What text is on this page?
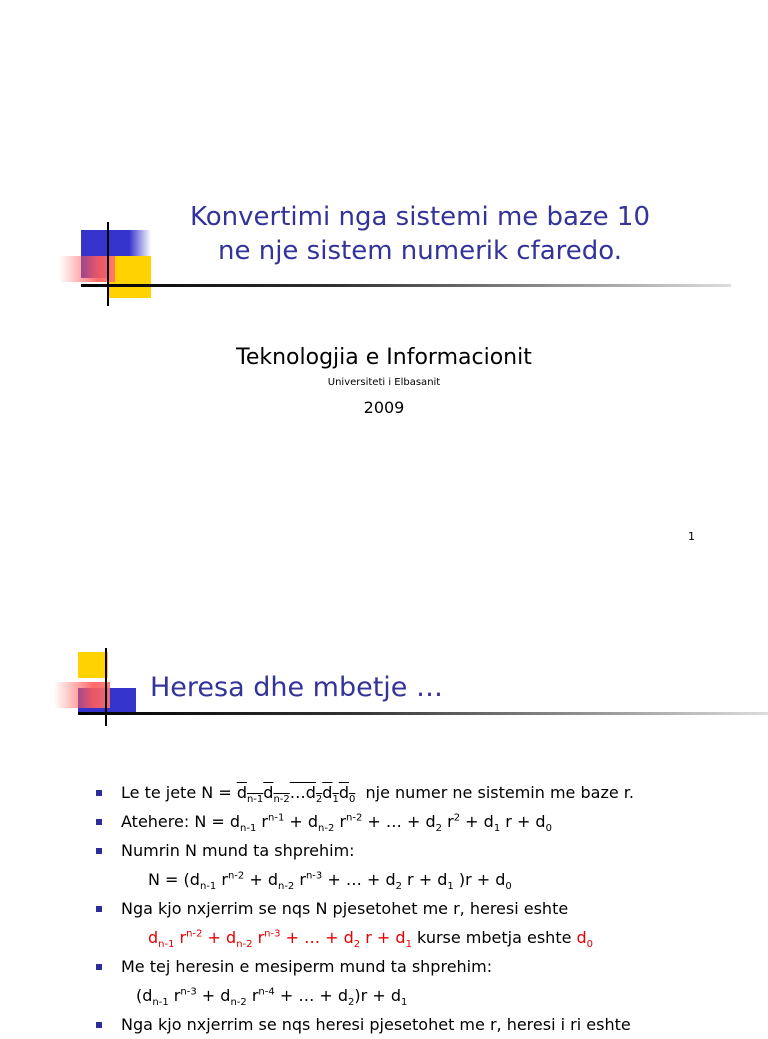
Konvertimi nga sistemi me baze 10
ne nje sistem numerik cfaredo.
Teknologjia e Informacionit
Universiteti i Elbasanit
2009
1
Heresa dhe mbetje …
Le te jete $N = d_{n-1}d_{n-2}\dots d_2d_1d_0$  nje numer ne sistemin me baze r.
Atehere: $N = d_{n-1}$ $r^{n-1} + d_{n-2}$ $r^{n-2}$ + … + $d_2$ $r^2 + d_1$ $r + d_0$
Numrin N mund ta shprehim:
$N = (d_{n-1}$ $r^{n-2} + d_{n-2}$ $r^{n-3}$ + … + $d_2$ $r + d_1$ )$r + d_0$
Nga kjo nxjerrim se nqs N pjesetohet me r, heresi eshte
$d_{n-1}$ $r^{n-2} + d_{n-2}$ $r^{n-3}$ + … + $d_2$ $r + d_1$ kurse mbetja eshte $d_0$
Me tej heresin e mesiperm mund ta shprehim:
($d_{n-1}$ $r^{n-3} + d_{n-2}$ $r^{n-4}$ + … + $d_2)r + d_1$
Nga kjo nxjerrim se nqs heresi pjesetohet me r, heresi i ri eshte
